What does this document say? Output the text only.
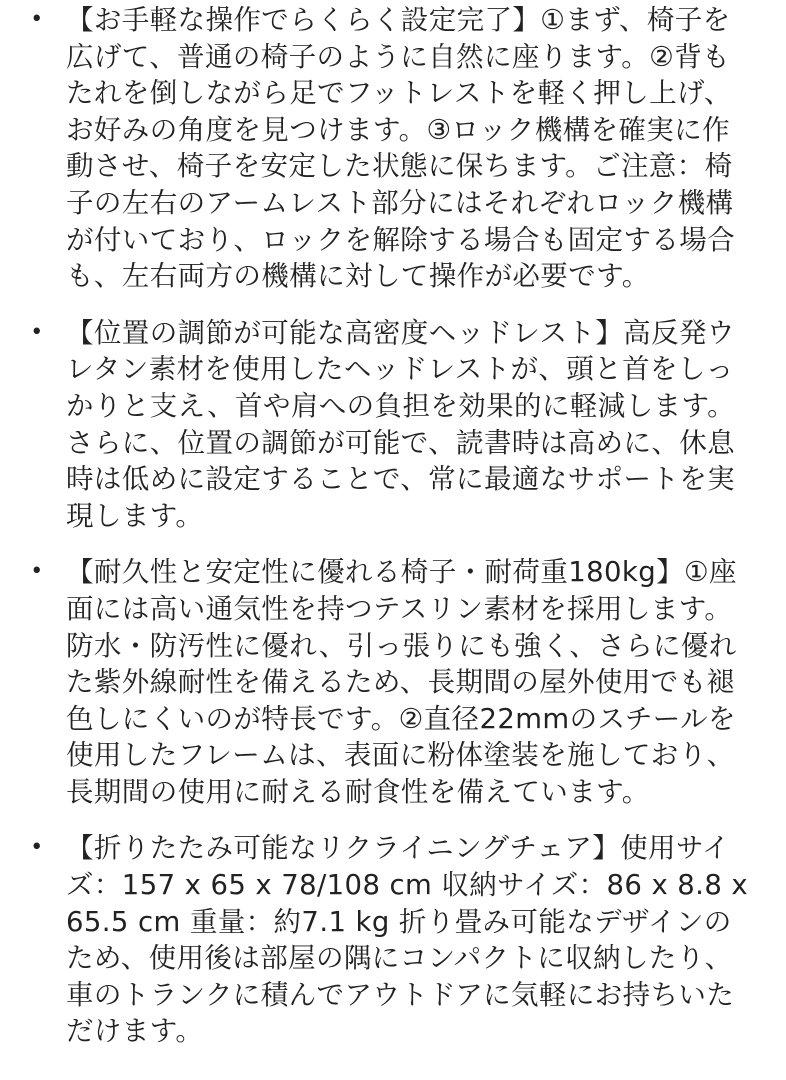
• 【お手軽な操作でらくらく設定完了】①まず、椅子を広げて、普通の椅子のように自然に座ります。②背もたれを倒しながら足でフットレストを軽く押し上げ、お好みの角度を見つけます。③ロック機構を確実に作動させ、椅子を安定した状態に保ちます。ご注意：椅子の左右のアームレスト部分にはそれぞれロック機構が付いており、ロックを解除する場合も固定する場合も、左右両方の機構に対して操作が必要です。
• 【位置の調節が可能な高密度ヘッドレスト】高反発ウレタン素材を使用したヘッドレストが、頭と首をしっかりと支え、首や肩への負担を効果的に軽減します。さらに、位置の調節が可能で、読書時は高めに、休息時は低めに設定することで、常に最適なサポートを実現します。
• 【耐久性と安定性に優れる椅子・耐荷重180kg】①座面には高い通気性を持つテスリン素材を採用します。防水・防汚性に優れ、引っ張りにも強く、さらに優れた紫外線耐性を備えるため、長期間の屋外使用でも褪色しにくいのが特長です。②直径22mmのスチールを使用したフレームは、表面に粉体塗装を施しており、長期間の使用に耐える耐食性を備えています。
• 【折りたたみ可能なリクライニングチェア】使用サイズ：157 x 65 x 78/108 cm 収納サイズ：86 x 8.8 x 65.5 cm 重量：約7.1 kg 折り畳み可能なデザインのため、使用後は部屋の隅にコンパクトに収納したり、車のトランクに積んでアウトドアに気軽にお持ちいただけます。
